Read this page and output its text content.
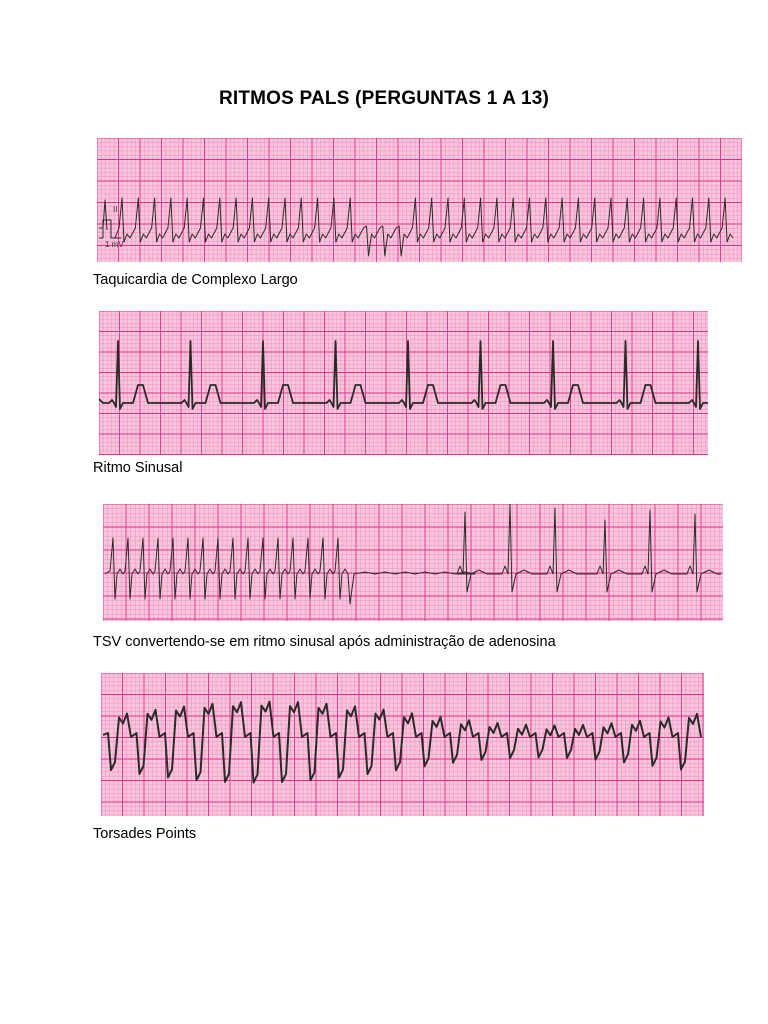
RITMOS PALS (PERGUNTAS 1 A 13)
II
1 mV
Taquicardia de Complexo Largo
Ritmo Sinusal
TSV convertendo-se em ritmo sinusal após administração de adenosina
Torsades Points
